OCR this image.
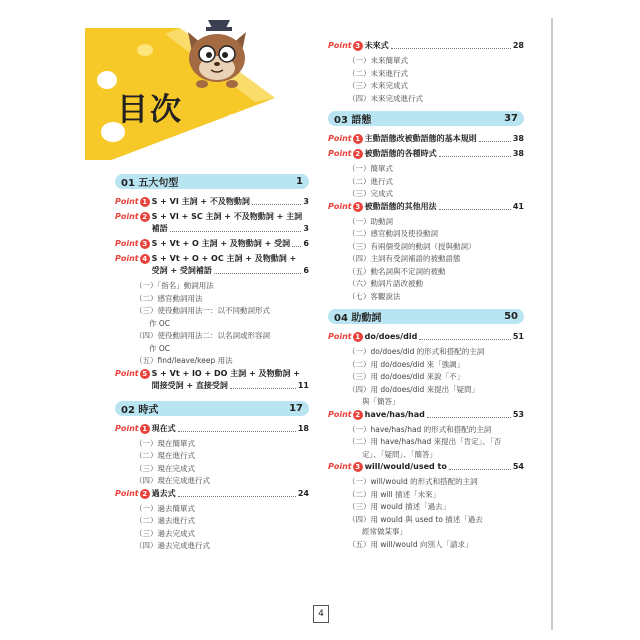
目次
01 五大句型	1
Point 1 S + VI 主詞 + 不及物動詞	3
Point 2 S + VI + SC 主詞 + 不及物動詞 + 主詞
補語	3
Point 3 S + Vt + O 主詞 + 及物動詞 + 受詞 6
Point 4 S + Vt + O + OC 主詞 + 及物動詞 +
受詞 + 受詞補語	6
（一）「指名」動詞用法
（二）感官動詞用法
（三）使役動詞用法一：以不同動詞形式
作 OC
（四）使役動詞用法二：以名詞或形容詞
作 OC
（五）find/leave/keep 用法
Point 5 S + Vt + IO + DO 主詞 + 及物動詞 +
間接受詞 + 直接受詞	11
02 時式	17
Point 1 現在式	18
（一）現在簡單式
（二）現在進行式
（三）現在完成式
（四）現在完成進行式
Point 2 過去式	24
（一）過去簡單式
（二）過去進行式
（三）過去完成式
（四）過去完成進行式
Point 3 未來式	28
（一）未來簡單式
（二）未來進行式
（三）未來完成式
（四）未來完成進行式
03 語態	37
Point 1 主動語態改被動語態的基本規則	38
Point 2 被動語態的各種時式	38
（一）簡單式
（二）進行式
（三）完成式
Point 3 被動語態的其他用法	41
（一）助動詞
（二）感官動詞及使役動詞
（三）有兩個受詞的動詞（授與動詞）
（四）主詞有受詞補語的被動語態
（五）動名詞與不定詞的被動
（六）動詞片語改被動
（七）客觀說法
04 助動詞	50
Point 1 do/does/did	51
（一）do/does/did 的形式和搭配的主詞
（二）用 do/does/did 來「強調」
（三）用 do/does/did 來說「不」
（四）用 do/does/did 來提出「疑問」
與「簡答」
Point 2 have/has/had	53
（一）have/has/had 的形式和搭配的主詞
（二）用 have/has/had 來提出「肯定」、「否
定」、「疑問」、「簡答」
Point 3 will/would/used to	54
（一）will/would 的形式和搭配的主詞
（二）用 will 描述「未來」
（三）用 would 描述「過去」
（四）用 would 與 used to 描述「過去
經常做某事」
（五）用 will/would 向別人「請求」
4
